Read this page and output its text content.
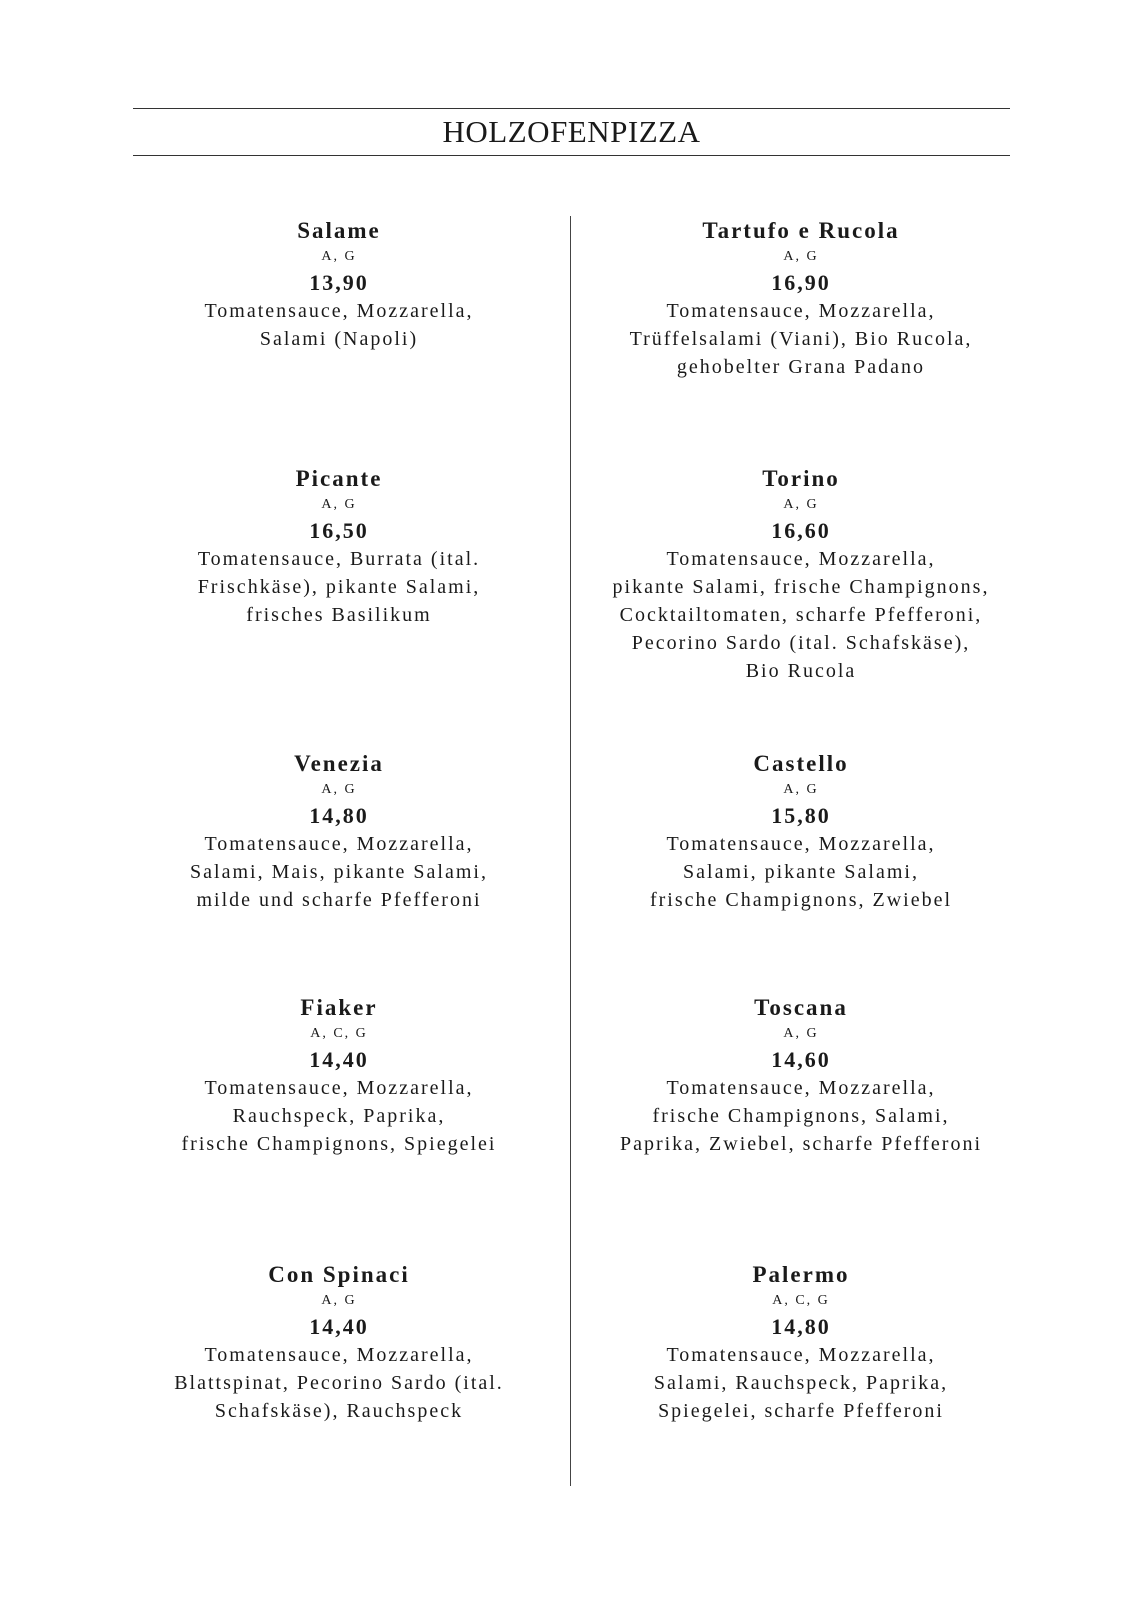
HOLZOFENPIZZA
Salame
A, G
13,90
Tomatensauce, Mozzarella,
Salami (Napoli)
Picante
A, G
16,50
Tomatensauce, Burrata (ital.
Frischkäse), pikante Salami,
frisches Basilikum
Venezia
A, G
14,80
Tomatensauce, Mozzarella,
Salami, Mais, pikante Salami,
milde und scharfe Pfefferoni
Fiaker
A, C, G
14,40
Tomatensauce, Mozzarella,
Rauchspeck, Paprika,
frische Champignons, Spiegelei
Con Spinaci
A, G
14,40
Tomatensauce, Mozzarella,
Blattspinat, Pecorino Sardo (ital.
Schafskäse), Rauchspeck
Tartufo e Rucola
A, G
16,90
Tomatensauce, Mozzarella,
Trüffelsalami (Viani), Bio Rucola,
gehobelter Grana Padano
Torino
A, G
16,60
Tomatensauce, Mozzarella,
pikante Salami, frische Champignons,
Cocktailtomaten, scharfe Pfefferoni,
Pecorino Sardo (ital. Schafskäse),
Bio Rucola
Castello
A, G
15,80
Tomatensauce, Mozzarella,
Salami, pikante Salami,
frische Champignons, Zwiebel
Toscana
A, G
14,60
Tomatensauce, Mozzarella,
frische Champignons, Salami,
Paprika, Zwiebel, scharfe Pfefferoni
Palermo
A, C, G
14,80
Tomatensauce, Mozzarella,
Salami, Rauchspeck, Paprika,
Spiegelei, scharfe Pfefferoni
